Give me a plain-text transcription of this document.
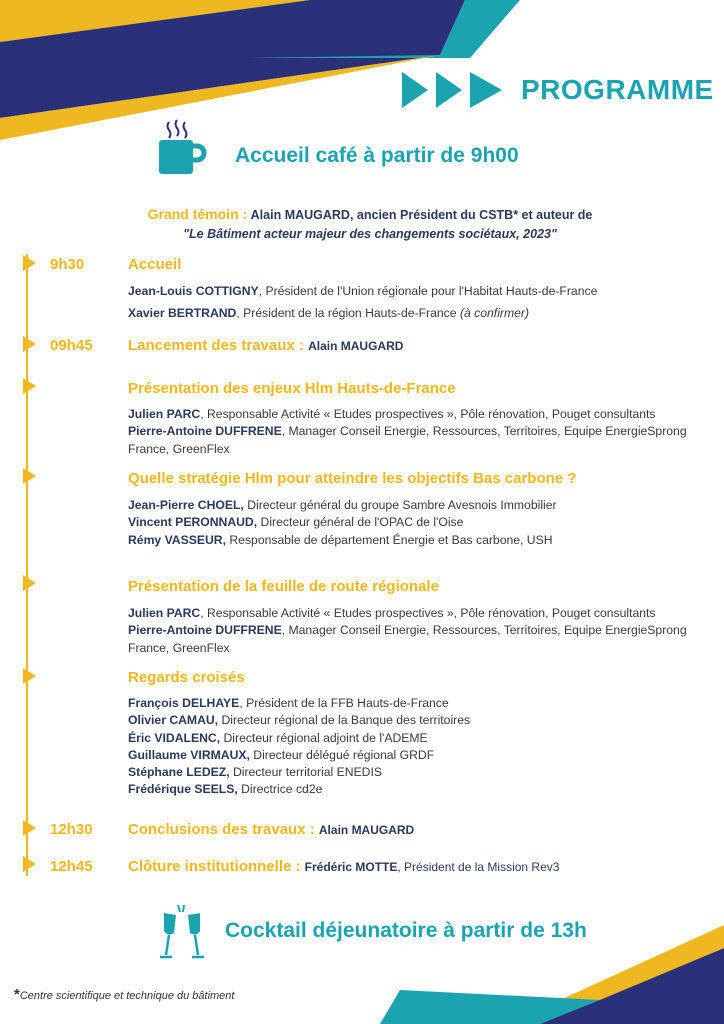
PROGRAMME
Accueil café à partir de 9h00
Grand témoin : Alain MAUGARD, ancien Président du CSTB* et auteur de
"Le Bâtiment acteur majeur des changements sociétaux, 2023"
9h30	Accueil
Jean-Louis COTTIGNY, Président de l'Union régionale pour l'Habitat Hauts-de-France
Xavier BERTRAND, Président de la région Hauts-de-France (à confirmer)
09h45 Lancement des travaux : Alain MAUGARD
Présentation des enjeux Hlm Hauts-de-France
Julien PARC, Responsable Activité « Etudes prospectives », Pôle rénovation, Pouget consultants
Pierre-Antoine DUFFRENE, Manager Conseil Energie, Ressources, Territoires, Equipe EnergieSprong France, GreenFlex
Quelle stratégie Hlm pour atteindre les objectifs Bas carbone ?
Jean-Pierre CHOEL, Directeur général du groupe Sambre Avesnois Immobilier
Vincent PERONNAUD, Directeur général de l'OPAC de l'Oise
Rémy VASSEUR, Responsable de département Énergie et Bas carbone, USH
Présentation de la feuille de route régionale
Julien PARC, Responsable Activité « Etudes prospectives », Pôle rénovation, Pouget consultants
Pierre-Antoine DUFFRENE, Manager Conseil Energie, Ressources, Territoires, Equipe EnergieSprong France, GreenFlex
Regards croisés
François DELHAYE, Président de la FFB Hauts-de-France
Olivier CAMAU, Directeur régional de la Banque des territoires
Éric VIDALENC, Directeur régional adjoint de l'ADEME
Guillaume VIRMAUX, Directeur délégué régional GRDF
Stéphane LEDEZ, Directeur territorial ENEDIS
Frédérique SEELS, Directrice cd2e
12h30 Conclusions des travaux : Alain MAUGARD
12h45 Clôture institutionnelle : Frédéric MOTTE, Président de la Mission Rev3
Cocktail déjeunatoire à partir de 13h
*Centre scientifique et technique du bâtiment
